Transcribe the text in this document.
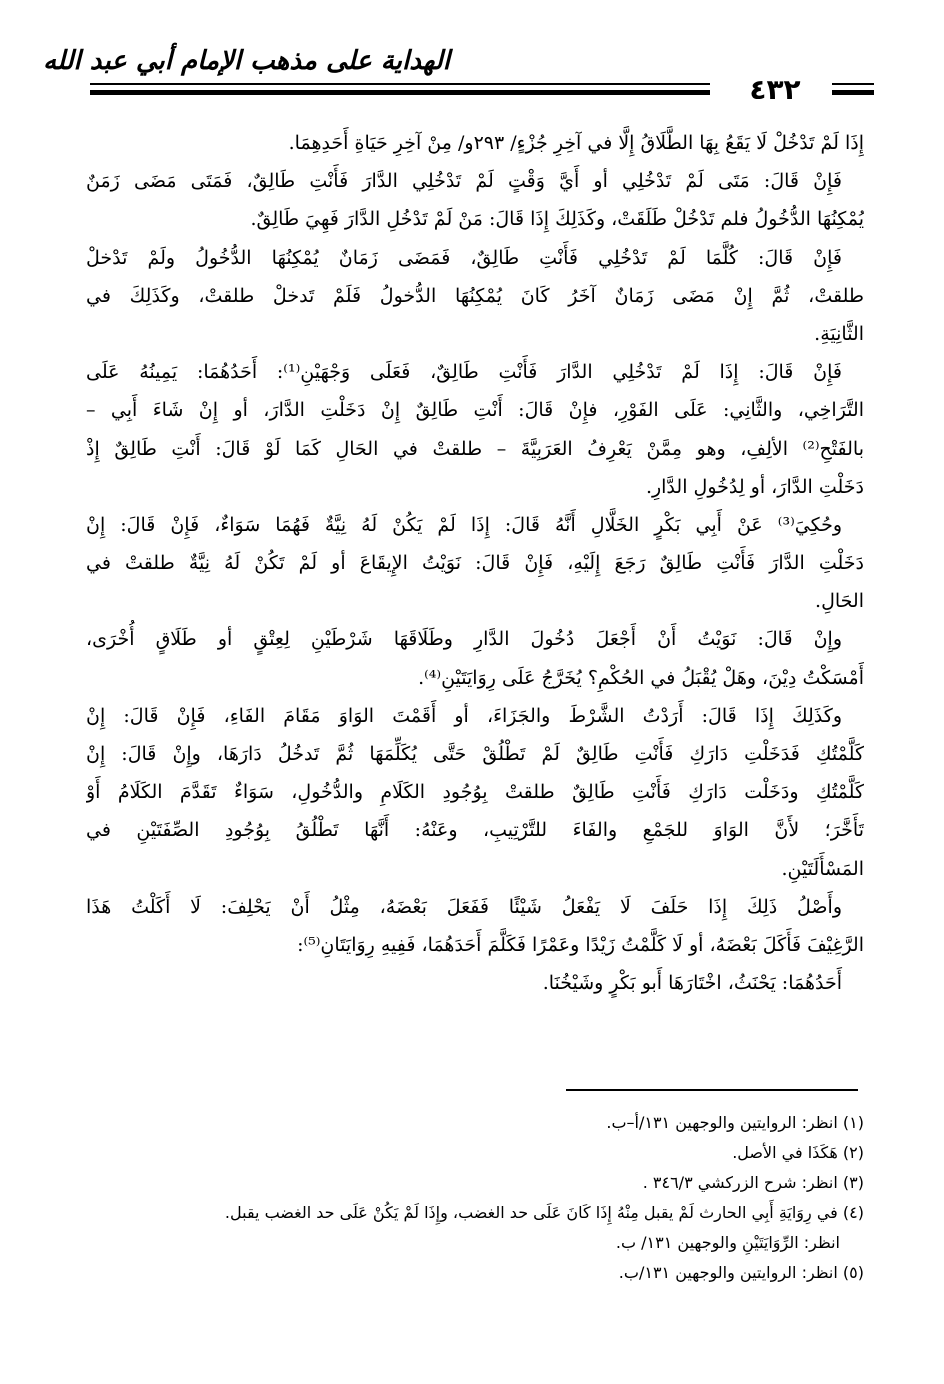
الهداية على مذهب الإمام أبي عبد الله
٤٣٢
إِذَا لَمْ تَدْخُلْ لَا يَقَعُ بِهَا الطَّلَاقُ إِلَّا في آخِرِ جُزْءٍ/ ٢٩٣و/ مِنْ آخِرِ حَيَاةِ أَحَدِهِمَا.
فَإِنْ قَالَ: مَتَى لَمْ تَدْخُلِي أو أَيَّ وَقْتٍ لَمْ تَدْخُلِي الدَّارَ فَأَنْتِ طَالِقٌ، فَمَتَى مَضَى زَمَنٌ
يُمْكِنُهَا الدُّخُولُ فلم تَدْخُلْ طَلَقَتْ، وكَذَلِكَ إِذَا قَالَ: مَنْ لَمْ تَدْخُلِ الدَّارَ فَهِيَ طَالِقٌ.
فَإِنْ قَالَ: كُلَّمَا لَمْ تَدْخُلِي فَأَنْتِ طَالِقٌ، فَمَضَى زَمَانٌ يُمْكِنُهَا الدُّخُولُ ولَمْ تَدْخلْ
طلقتْ، ثُمَّ إِنْ مَضَى زَمَانٌ آخَرُ كَانَ يُمْكِنُهَا الدُّخولُ فَلَمْ تَدخلْ طلقتْ، وكَذَلِكَ في
الثَّانِيَةِ.
فَإِنْ قَالَ: إِذَا لَمْ تَدْخُلِي الدَّارَ فَأَنْتِ طَالِقٌ، فَعَلَى وَجْهَيْنِ⁽¹⁾: أَحَدُهُمَا: يَمِينُهُ عَلَى
التَّرَاخِي، والثَّانِي: عَلَى الفَوْرِ، فإِنْ قَالَ: أَنْتِ طَالِقٌ إِنْ دَخَلْتِ الدَّارَ، أو إِنْ شَاءَ أَبِي –
بالفَتْحِ⁽²⁾ الألِفِ، وهو مِمَّنْ يَعْرِفُ العَرَبِيَّةَ – طلقتْ في الحَالِ كَمَا لَوْ قَالَ: أَنْتِ طَالِقٌ إِذْ
دَخَلْتِ الدَّارَ، أو لِدُخُولِ الدَّارِ.
وحُكِيَ⁽³⁾ عَنْ أَبِي بَكْرٍ الخَلَّالِ أَنَّهُ قَالَ: إِذَا لَمْ يَكُنْ لَهُ نِيَّةٌ فَهُمَا سَوَاءٌ، فَإِنْ قَالَ: إِنْ
دَخَلْتِ الدَّارَ فَأَنْتِ طَالِقٌ رَجَعَ إِلَيْهِ، فَإِنْ قَالَ: نَوَيْتُ الإِيقَاعَ أو لَمْ تَكُنْ لَهُ نِيَّةٌ طلقتْ في
الحَالِ.
وإِنْ قَالَ: نَوَيْتُ أَنْ أَجْعَلَ دُخُولَ الدَّارِ وطَلَاقَهَا شَرْطَيْنِ لِعِتْقٍ أو طَلَاقٍ أُخْرَى،
أَمْسَكْتُ دِيْنَ، وهَلْ يُقْبَلُ في الحُكْمِ؟ يُخَرَّجُ عَلَى رِوَايَتَيْنِ⁽⁴⁾.
وكَذَلِكَ إِذَا قَالَ: أَرَدْتُ الشَّرْطَ والجَزَاءَ، أو أَقَمْتَ الوَاوَ مَقَامَ الفَاءِ، فَإِنْ قَالَ: إِنْ
كَلَّمْتُكِ فَدَخَلْتِ دَارَكِ فَأَنْتِ طَالِقٌ لَمْ تَطْلُقْ حَتَّى يُكَلِّمَهَا ثُمَّ تَدخُلُ دَارَهَا، وإِنْ قَالَ: إِنْ
كَلَّمْتُكِ ودَخَلْت دَارَكِ فَأَنْتِ طَالِقٌ طلقتْ بِوُجُودِ الكَلَامِ والدُّخُولِ، سَوَاءٌ تَقَدَّمَ الكَلَامُ أَوْ
تَأَخَّرَ؛ لأَنَّ الوَاوَ للجَمْعِ والفَاءَ للتَّرْتِيبِ، وعَنْهُ: أَنَّهَا تَطْلُقُ بِوُجُودِ الصِّفَتَيْنِ في
المَسْأَلَتَيْنِ.
وأَصْلُ ذَلِكَ إِذَا حَلَفَ لَا يَفْعَلُ شَيْئًا فَفَعَلَ بَعْضَهُ، مِثْلُ أَنْ يَحْلِفَ: لَا أَكَلْتُ هَذَا
الرَّغِيْفَ فَأَكَلَ بَعْضَهُ، أو لَا كَلَّمْتُ زَيْدًا وعَمْرًا فَكَلَّمَ أَحَدَهُمَا، فَفِيهِ رِوَايَتَانِ⁽⁵⁾:
أَحَدُهُمَا: يَحْنَثُ، اخْتَارَهَا أَبو بَكْرٍ وشَيْخُنَا.
(١) انظر: الروايتين والوجهين ١٣١/أ–ب.
(٢) هَكَذَا في الأصل.
(٣) انظر: شرح الزركشي ٣٤٦/٣ .
(٤) في رِوَايَةِ أَبِي الحارث لَمْ يقبل مِنْهُ إِذَا كَانَ عَلَى حد الغضب، وإِذَا لَمْ يَكُنْ عَلَى حد الغضب يقبل.
انظر: الرِّوَايَتَيْنِ والوجهين ١٣١/ ب.
(٥) انظر: الروايتين والوجهين ١٣١/ب.
